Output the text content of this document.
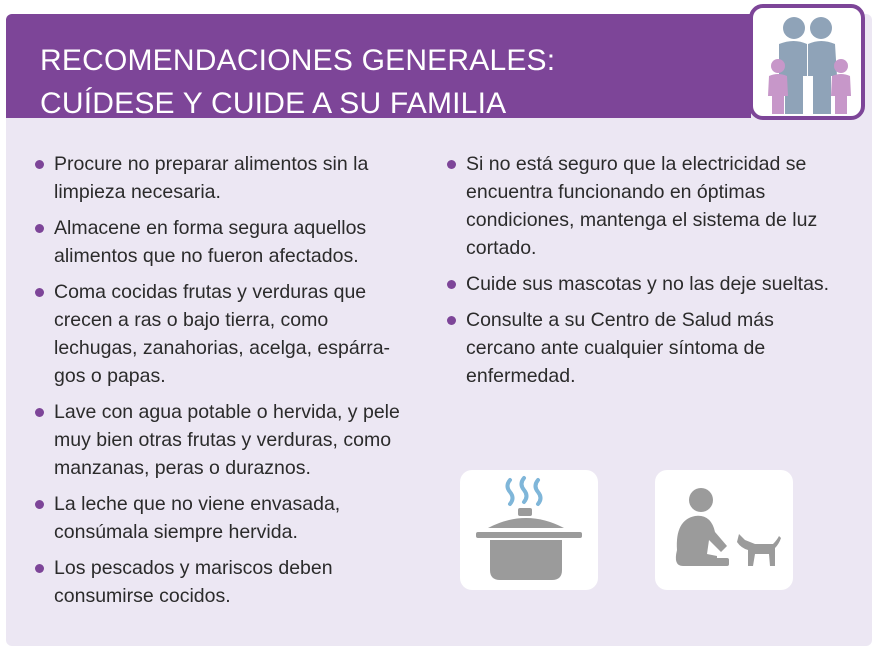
RECOMENDACIONES GENERALES:
CUÍDESE Y CUIDE A SU FAMILIA
Procure no preparar alimentos sin la limpieza necesaria.
Almacene en forma segura aquellos alimentos que no fueron afectados.
Coma cocidas frutas y verduras que crecen a ras o bajo tierra, como lechugas, zanahorias, acelga, espárra-gos o papas.
Lave con agua potable o hervida, y pele muy bien otras frutas y verduras, como manzanas, peras o duraznos.
La leche que no viene envasada, consúmala siempre hervida.
Los pescados y mariscos deben consumirse cocidos.
Si no está seguro que la electricidad se encuentra funcionando en óptimas condiciones, mantenga el sistema de luz cortado.
Cuide sus mascotas y no las deje sueltas.
Consulte a su Centro de Salud más cercano ante cualquier síntoma de enfermedad.
